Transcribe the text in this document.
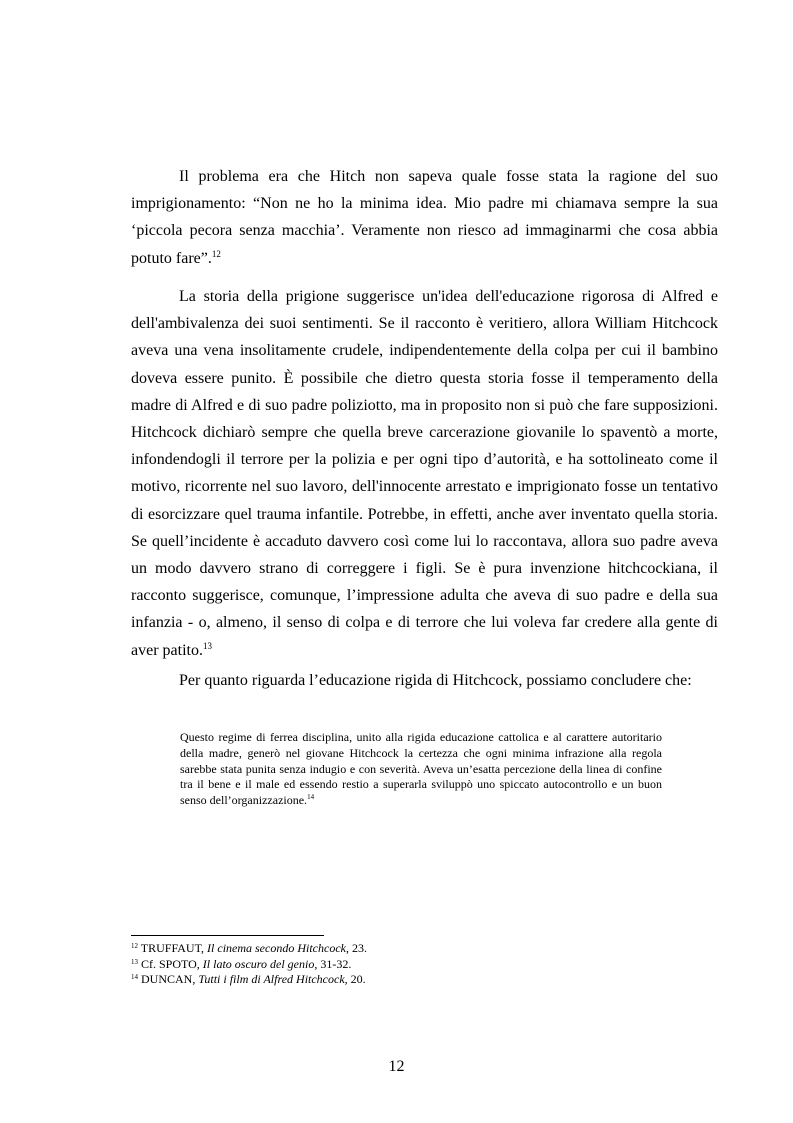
Il problema era che Hitch non sapeva quale fosse stata la ragione del suo imprigionamento: “Non ne ho la minima idea. Mio padre mi chiamava sempre la sua ‘piccola pecora senza macchia’. Veramente non riesco ad immaginarmi che cosa abbia potuto fare”.$^{12}$

La storia della prigione suggerisce un'idea dell'educazione rigorosa di Alfred e dell'ambivalenza dei suoi sentimenti. Se il racconto è veritiero, allora William Hitchcock aveva una vena insolitamente crudele, indipendentemente della colpa per cui il bambino doveva essere punito. È possibile che dietro questa storia fosse il temperamento della madre di Alfred e di suo padre poliziotto, ma in proposito non si può che fare supposizioni. Hitchcock dichiarò sempre che quella breve carcerazione giovanile lo spaventò a morte, infondendogli il terrore per la polizia e per ogni tipo d’autorità, e ha sottolineato come il motivo, ricorrente nel suo lavoro, dell'innocente arrestato e imprigionato fosse un tentativo di esorcizzare quel trauma infantile. Potrebbe, in effetti, anche aver inventato quella storia. Se quell’incidente è accaduto davvero così come lui lo raccontava, allora suo padre aveva un modo davvero strano di correggere i figli. Se è pura invenzione hitchcockiana, il racconto suggerisce, comunque, l’impressione adulta che aveva di suo padre e della sua infanzia - o, almeno, il senso di colpa e di terrore che lui voleva far credere alla gente di aver patito.$^{13}$

Per quanto riguarda l’educazione rigida di Hitchcock, possiamo concludere che:

Questo regime di ferrea disciplina, unito alla rigida educazione cattolica e al carattere autoritario della madre, generò nel giovane Hitchcock la certezza che ogni minima infrazione alla regola sarebbe stata punita senza indugio e con severità. Aveva un’esatta percezione della linea di confine tra il bene e il male ed essendo restio a superarla sviluppò uno spiccato autocontrollo e un buon senso dell’organizzazione.$^{14}$

$^{12}$ TRUFFAUT, Il cinema secondo Hitchcock, 23.

$^{13}$ Cf. SPOTO, Il lato oscuro del genio, 31-32.

$^{14}$ DUNCAN, Tutti i film di Alfred Hitchcock, 20.

12
